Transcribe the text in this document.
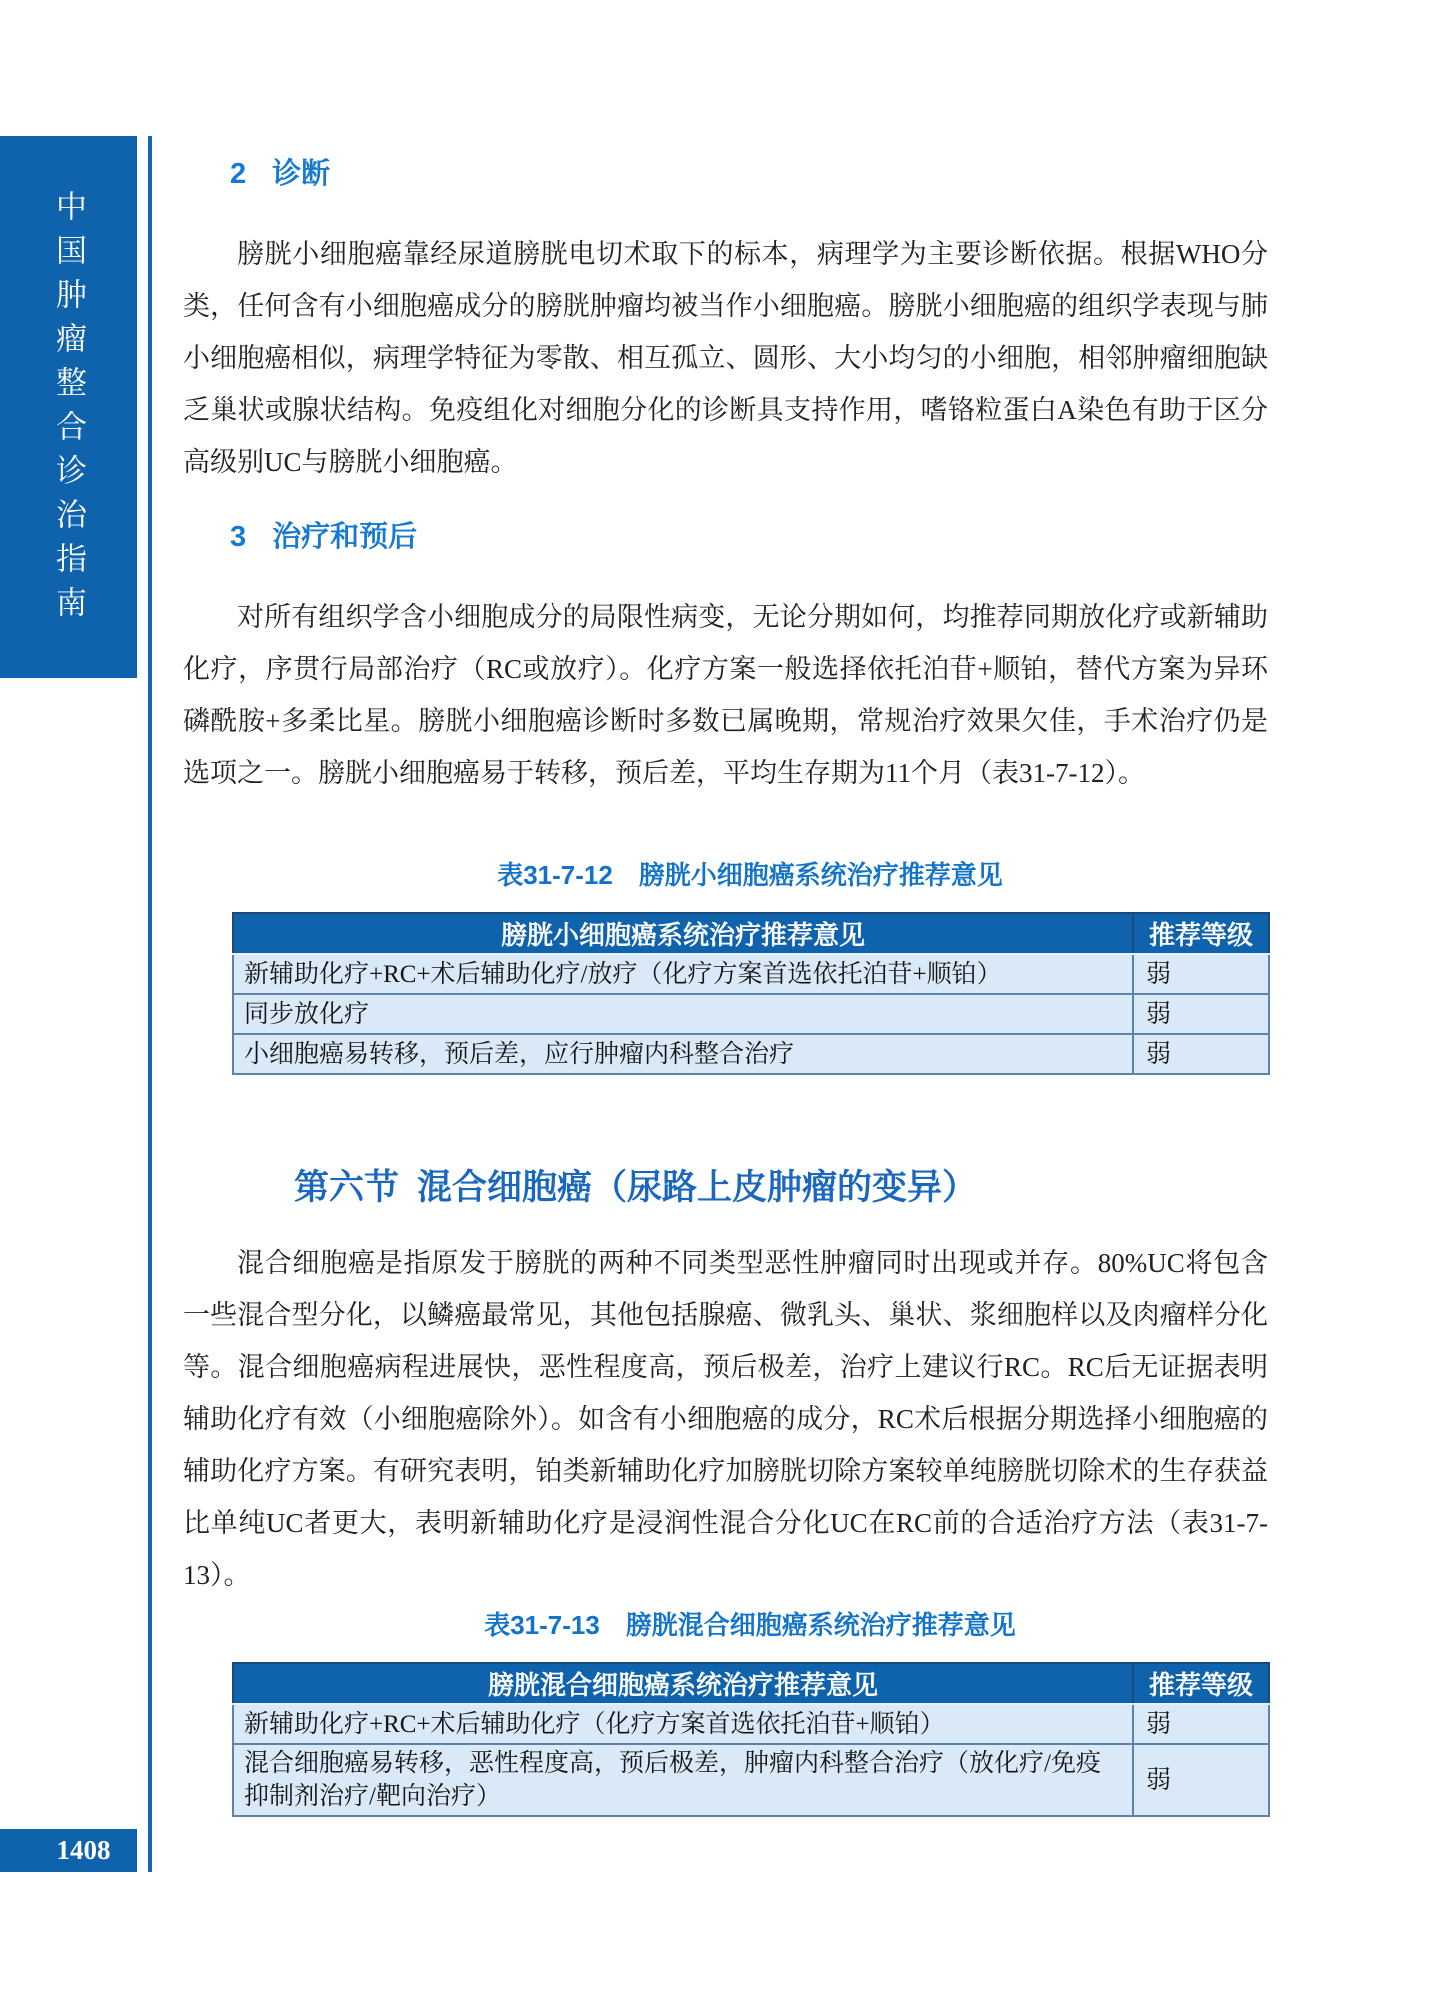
中国肿瘤整合诊治指南
2 诊断
膀胱小细胞癌靠经尿道膀胱电切术取下的标本，病理学为主要诊断依据。根据WHO分类，任何含有小细胞癌成分的膀胱肿瘤均被当作小细胞癌。膀胱小细胞癌的组织学表现与肺小细胞癌相似，病理学特征为零散、相互孤立、圆形、大小均匀的小细胞，相邻肿瘤细胞缺乏巢状或腺状结构。免疫组化对细胞分化的诊断具支持作用，嗜铬粒蛋白A染色有助于区分高级别UC与膀胱小细胞癌。
3 治疗和预后
对所有组织学含小细胞成分的局限性病变，无论分期如何，均推荐同期放化疗或新辅助化疗，序贯行局部治疗（RC或放疗）。化疗方案一般选择依托泊苷+顺铂，替代方案为异环磷酰胺+多柔比星。膀胱小细胞癌诊断时多数已属晚期，常规治疗效果欠佳，手术治疗仍是选项之一。膀胱小细胞癌易于转移，预后差，平均生存期为11个月（表31-7-12）。
表31-7-12　膀胱小细胞癌系统治疗推荐意见
膀胱小细胞癌系统治疗推荐意见	推荐等级
新辅助化疗+RC+术后辅助化疗/放疗（化疗方案首选依托泊苷+顺铂）	弱
同步放化疗	弱
小细胞癌易转移，预后差，应行肿瘤内科整合治疗	弱
第六节 混合细胞癌（尿路上皮肿瘤的变异）
混合细胞癌是指原发于膀胱的两种不同类型恶性肿瘤同时出现或并存。80%UC将包含一些混合型分化，以鳞癌最常见，其他包括腺癌、微乳头、巢状、浆细胞样以及肉瘤样分化等。混合细胞癌病程进展快，恶性程度高，预后极差，治疗上建议行RC。RC后无证据表明辅助化疗有效（小细胞癌除外）。如含有小细胞癌的成分，RC术后根据分期选择小细胞癌的辅助化疗方案。有研究表明，铂类新辅助化疗加膀胱切除方案较单纯膀胱切除术的生存获益比单纯UC者更大，表明新辅助化疗是浸润性混合分化UC在RC前的合适治疗方法（表31-7-13）。
表31-7-13　膀胱混合细胞癌系统治疗推荐意见
膀胱混合细胞癌系统治疗推荐意见	推荐等级
新辅助化疗+RC+术后辅助化疗（化疗方案首选依托泊苷+顺铂）	弱
混合细胞癌易转移，恶性程度高，预后极差，肿瘤内科整合治疗（放化疗/免疫抑制剂治疗/靶向治疗）	弱
1408
